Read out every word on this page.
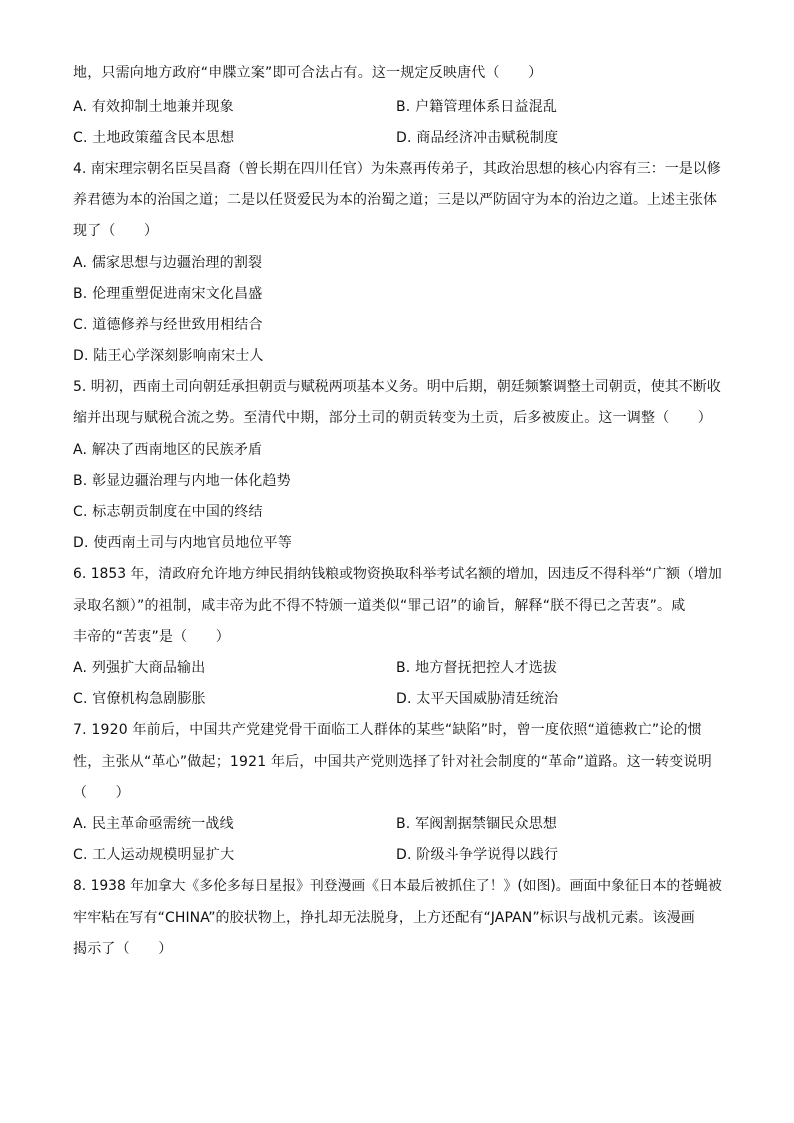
地，只需向地方政府“申牒立案”即可合法占有。这一规定反映唐代（　　）
A. 有效抑制土地兼并现象	B. 户籍管理体系日益混乱
C. 土地政策蕴含民本思想	D. 商品经济冲击赋税制度
4. 南宋理宗朝名臣吴昌裔（曾长期在四川任官）为朱熹再传弟子，其政治思想的核心内容有三：一是以修
养君德为本的治国之道；二是以任贤爱民为本的治蜀之道；三是以严防固守为本的治边之道。上述主张体
现了（　　）
A. 儒家思想与边疆治理的割裂
B. 伦理重塑促进南宋文化昌盛
C. 道德修养与经世致用相结合
D. 陆王心学深刻影响南宋士人
5. 明初，西南土司向朝廷承担朝贡与赋税两项基本义务。明中后期，朝廷频繁调整土司朝贡，使其不断收
缩并出现与赋税合流之势。至清代中期，部分土司的朝贡转变为土贡，后多被废止。这一调整（　　）
A. 解决了西南地区的民族矛盾
B. 彰显边疆治理与内地一体化趋势
C. 标志朝贡制度在中国的终结
D. 使西南土司与内地官员地位平等
6. 1853 年，清政府允许地方绅民捐纳钱粮或物资换取科举考试名额的增加，因违反不得科举“广额（增加
录取名额）”的祖制，咸丰帝为此不得不特颁一道类似“罪己诏”的谕旨，解释“朕不得已之苦衷”。咸
丰帝的“苦衷”是（　　）
A. 列强扩大商品输出	B. 地方督抚把控人才选拔
C. 官僚机构急剧膨胀	D. 太平天国威胁清廷统治
7. 1920 年前后，中国共产党建党骨干面临工人群体的某些“缺陷”时，曾一度依照“道德救亡”论的惯
性，主张从“革心”做起；1921 年后，中国共产党则选择了针对社会制度的“革命”道路。这一转变说明
（　　）
A. 民主革命亟需统一战线	B. 军阀割据禁锢民众思想
C. 工人运动规模明显扩大	D. 阶级斗争学说得以践行
8. 1938 年加拿大《多伦多每日星报》刊登漫画《日本最后被抓住了！》(如图)。画面中象征日本的苍蝇被
牢牢粘在写有“CHINA”的胶状物上，挣扎却无法脱身，上方还配有“JAPAN”标识与战机元素。该漫画
揭示了（　　）
